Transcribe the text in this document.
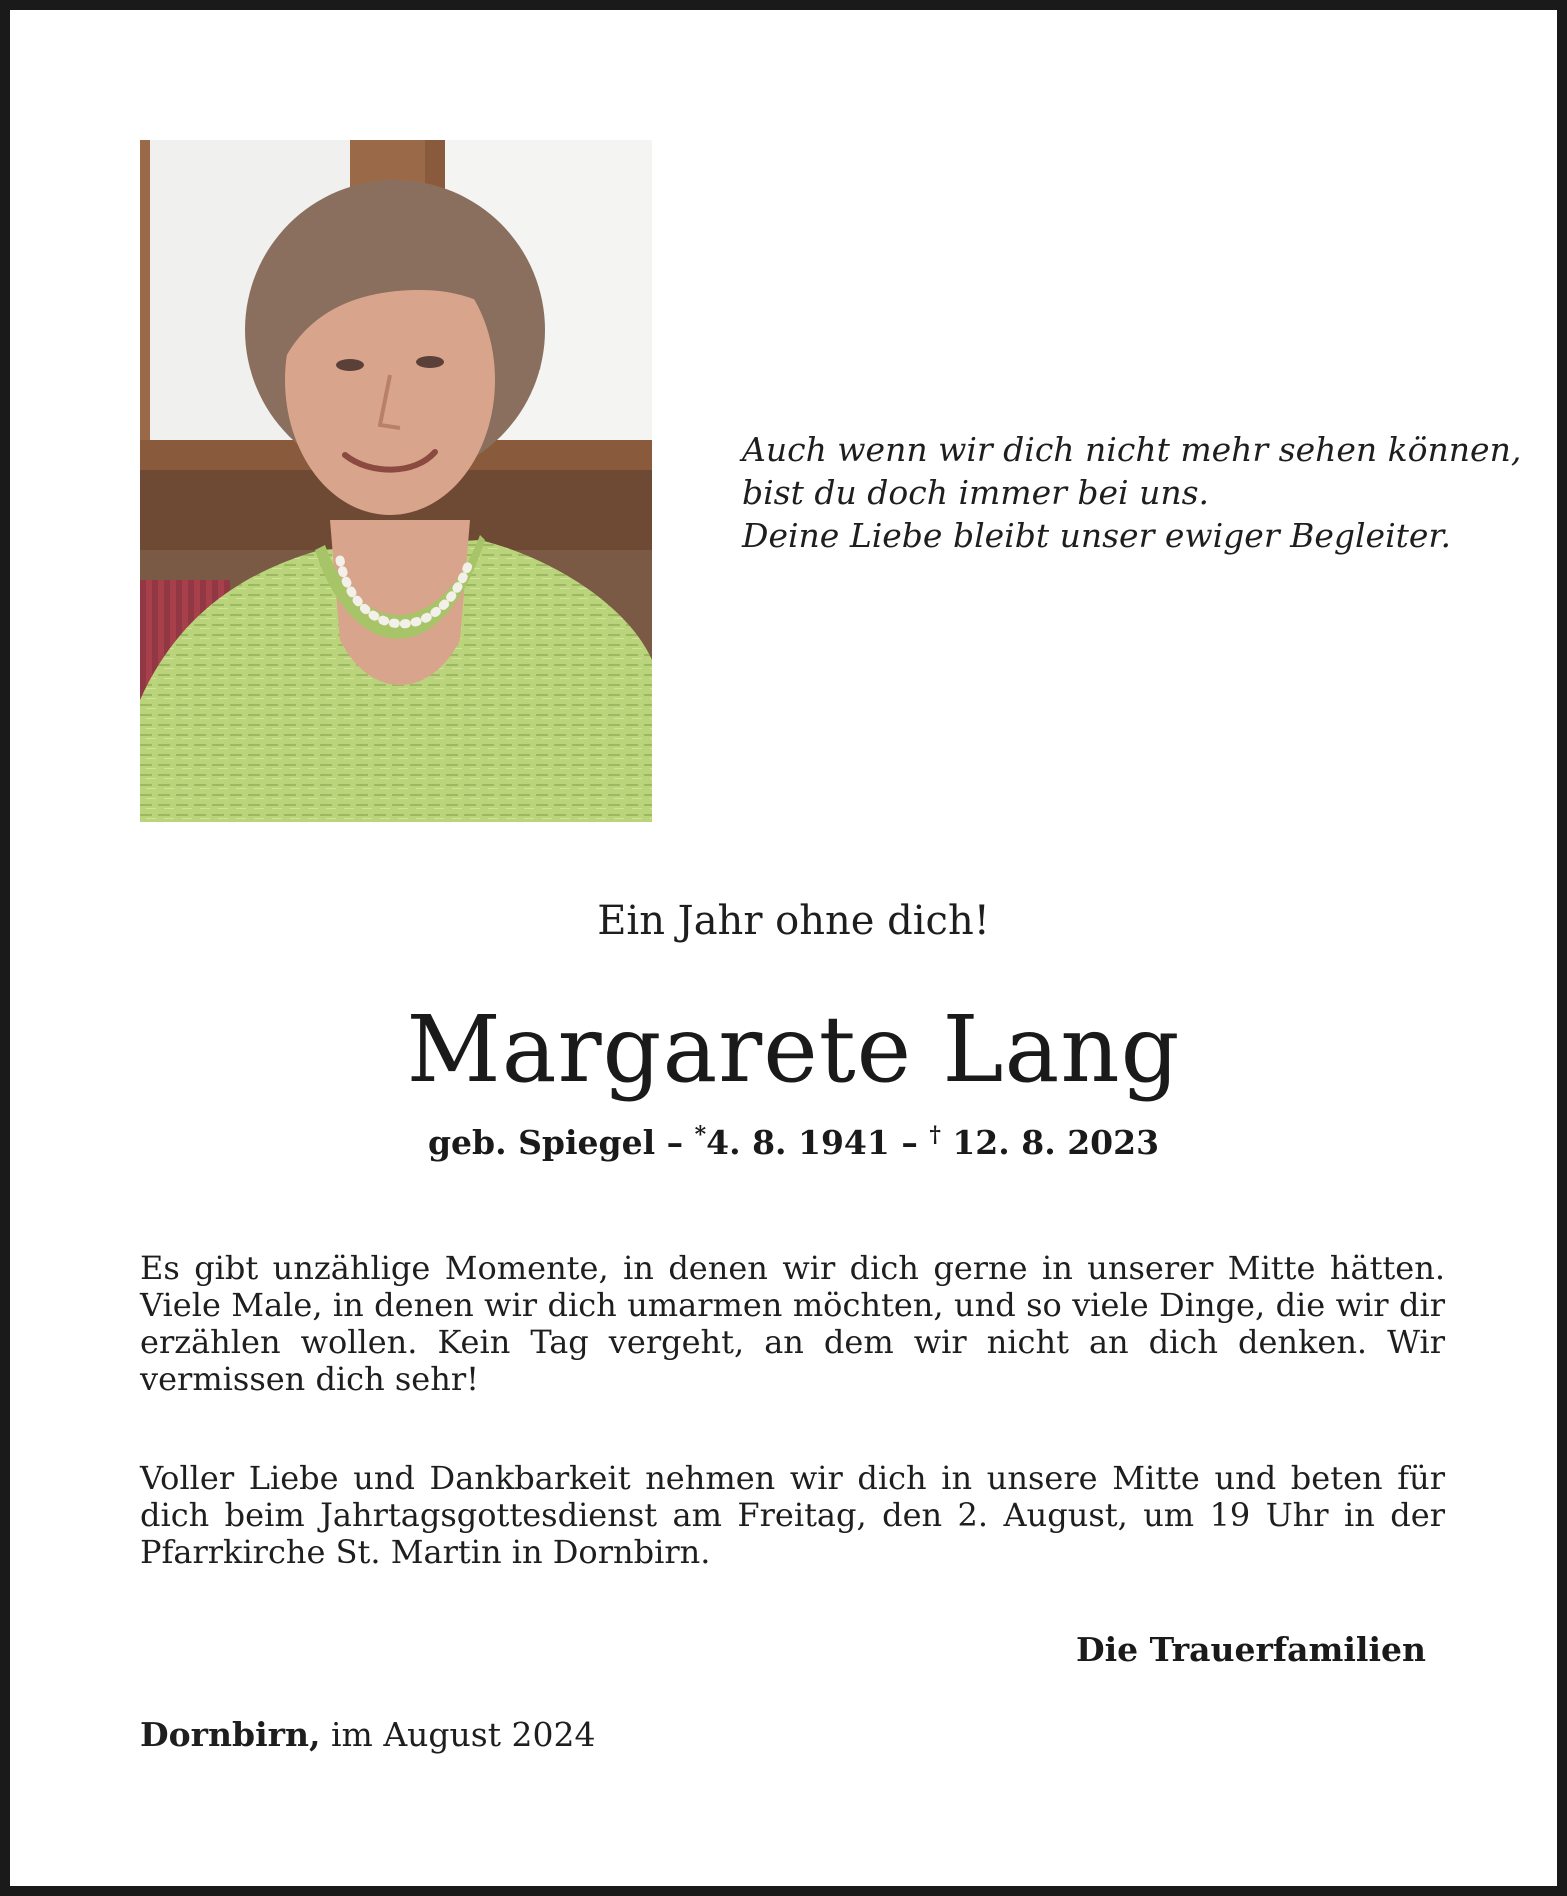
Auch wenn wir dich nicht mehr sehen können,
bist du doch immer bei uns.
Deine Liebe bleibt unser ewiger Begleiter.
Ein Jahr ohne dich!
Margarete Lang
geb. Spiegel – *4. 8. 1941 – † 12. 8. 2023
Es gibt unzählige Momente, in denen wir dich gerne in unserer Mitte hätten. Viele Male, in denen wir dich umarmen möchten, und so viele Dinge, die wir dir erzählen wollen. Kein Tag vergeht, an dem wir nicht an dich denken. Wir vermissen dich sehr!
Voller Liebe und Dankbarkeit nehmen wir dich in unsere Mitte und beten für dich beim Jahrtagsgottesdienst am Freitag, den 2. August, um 19 Uhr in der Pfarrkirche St. Martin in Dornbirn.
Die Trauerfamilien
Dornbirn, im August 2024
